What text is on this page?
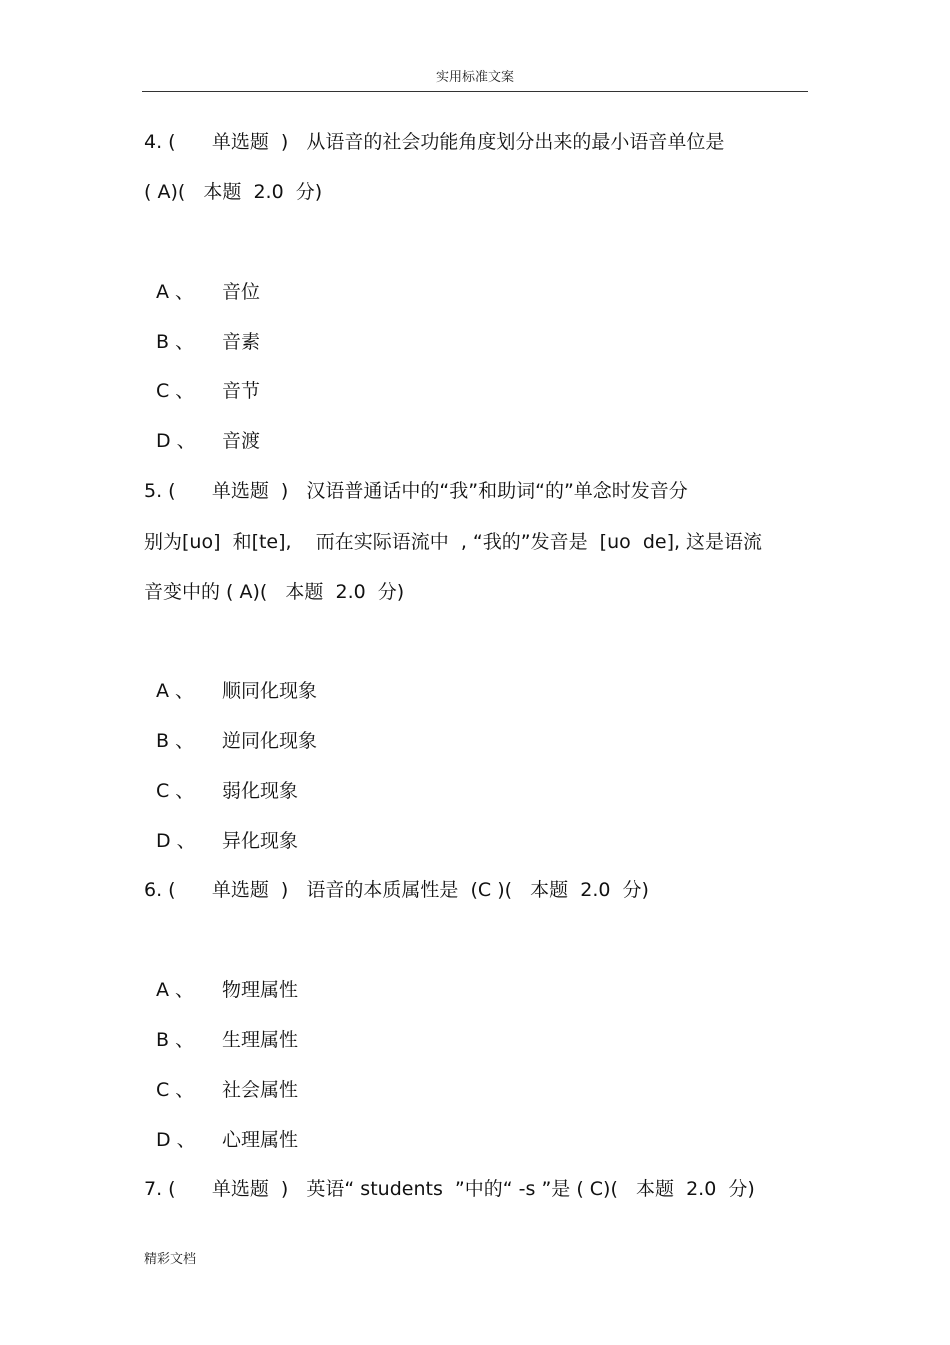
实用标准文案
4. (      单选题  )   从语音的社会功能角度划分出来的最小语音单位是
( A)(   本题  2.0  分)
A 、 音位
B 、 音素
C 、 音节
D 、 音渡
5. (      单选题  )   汉语普通话中的“我”和助词“的”单念时发音分
别为[uo]  和[te],    而在实际语流中  , “我的”发音是  [uo  de], 这是语流
音变中的 ( A)(   本题  2.0  分)
A 、 顺同化现象
B 、 逆同化现象
C 、 弱化现象
D 、 异化现象
6. (      单选题  )   语音的本质属性是  (C )(   本题  2.0  分)
A 、 物理属性
B 、 生理属性
C 、 社会属性
D 、 心理属性
7. (      单选题  )   英语“ students  ”中的“ -s ”是 ( C)(   本题  2.0  分)
精彩文档
